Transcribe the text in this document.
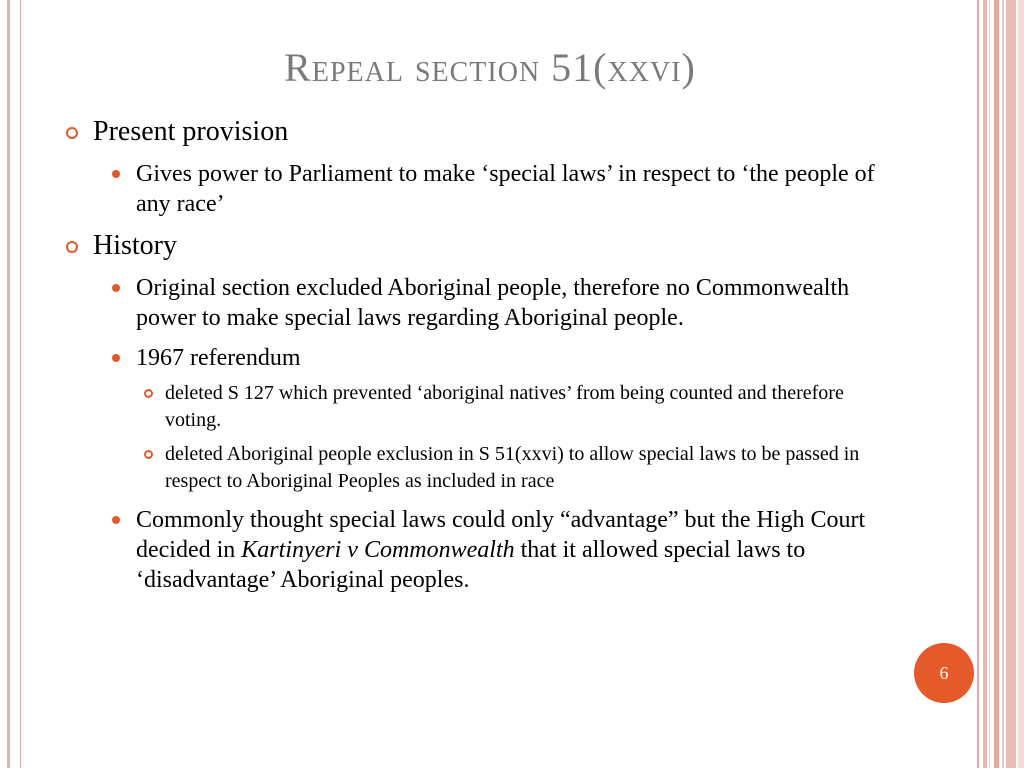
Repeal section 51(xxvi)
Present provision
Gives power to Parliament to make ‘special laws’ in respect to ‘the people of any race’
History
Original section excluded Aboriginal people, therefore no Commonwealth power to make special laws regarding Aboriginal people.
1967 referendum
deleted S 127 which prevented ‘aboriginal natives’ from being counted and therefore voting.
deleted Aboriginal people exclusion in S 51(xxvi) to allow special laws to be passed in respect to Aboriginal Peoples as included in race
Commonly thought special laws could only “advantage” but the High Court decided in Kartinyeri v Commonwealth that it allowed special laws to ‘disadvantage’ Aboriginal peoples.
6
